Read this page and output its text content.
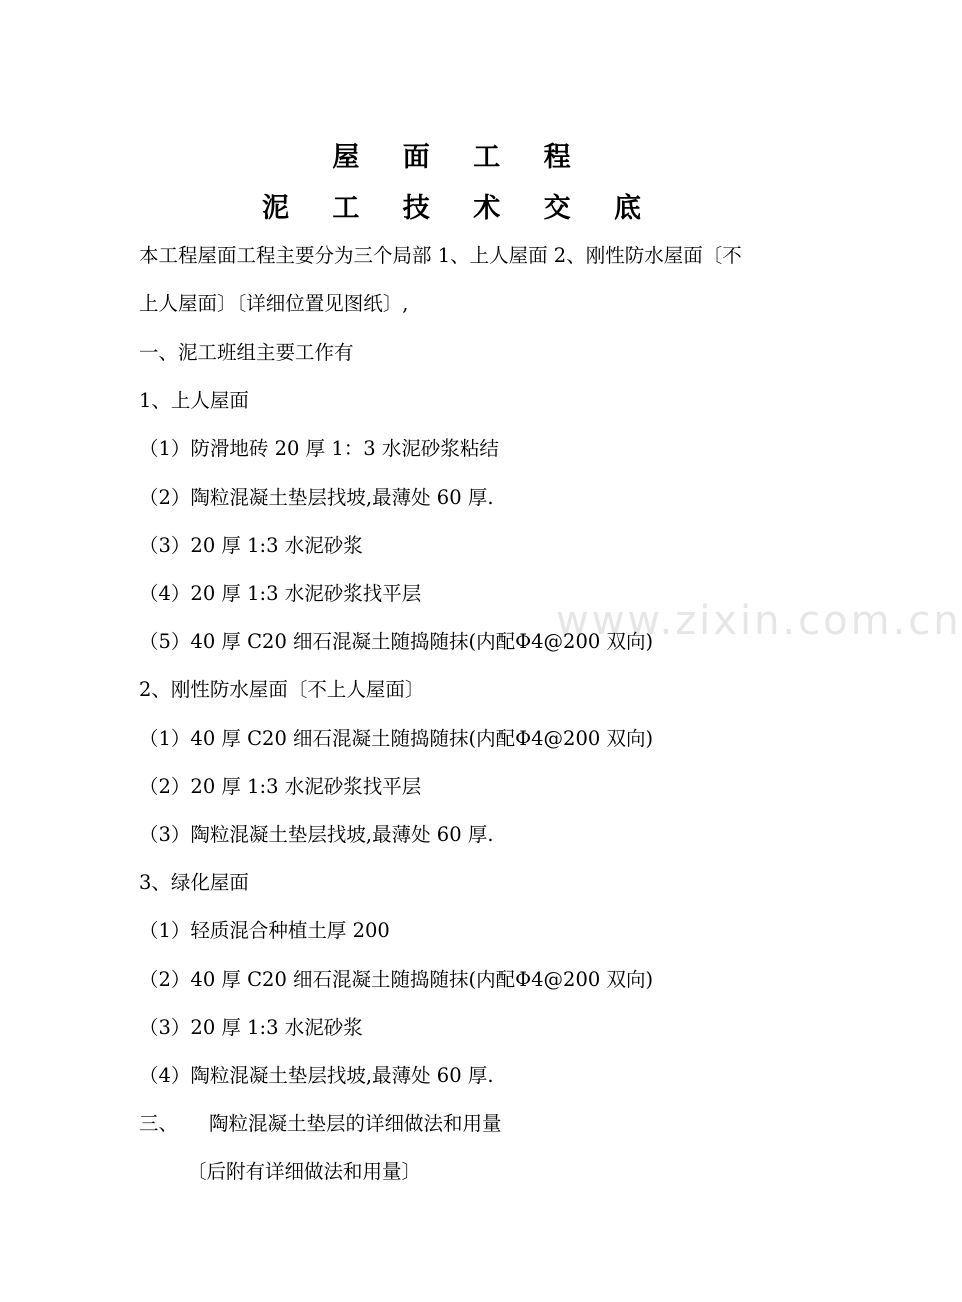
www.zixin.com.cn
屋 面 工 程
泥 工 技 术 交 底
本工程屋面工程主要分为三个局部 1、上人屋面 2、刚性防水屋面〔不
上人屋面〕〔详细位置见图纸〕,
一、泥工班组主要工作有
1、上人屋面
（1）防滑地砖 20 厚 1：3 水泥砂浆粘结
（2）陶粒混凝土垫层找坡,最薄处 60 厚.
（3）20 厚 1:3 水泥砂浆
（4）20 厚 1:3 水泥砂浆找平层
（5）40 厚 C20 细石混凝土随捣随抹(内配Φ4@200 双向)
2、刚性防水屋面〔不上人屋面〕
（1）40 厚 C20 细石混凝土随捣随抹(内配Φ4@200 双向)
（2）20 厚 1:3 水泥砂浆找平层
（3）陶粒混凝土垫层找坡,最薄处 60 厚.
3、绿化屋面
（1）轻质混合种植土厚 200
（2）40 厚 C20 细石混凝土随捣随抹(内配Φ4@200 双向)
（3）20 厚 1:3 水泥砂浆
（4）陶粒混凝土垫层找坡,最薄处 60 厚.
三、     陶粒混凝土垫层的详细做法和用量
〔后附有详细做法和用量〕
